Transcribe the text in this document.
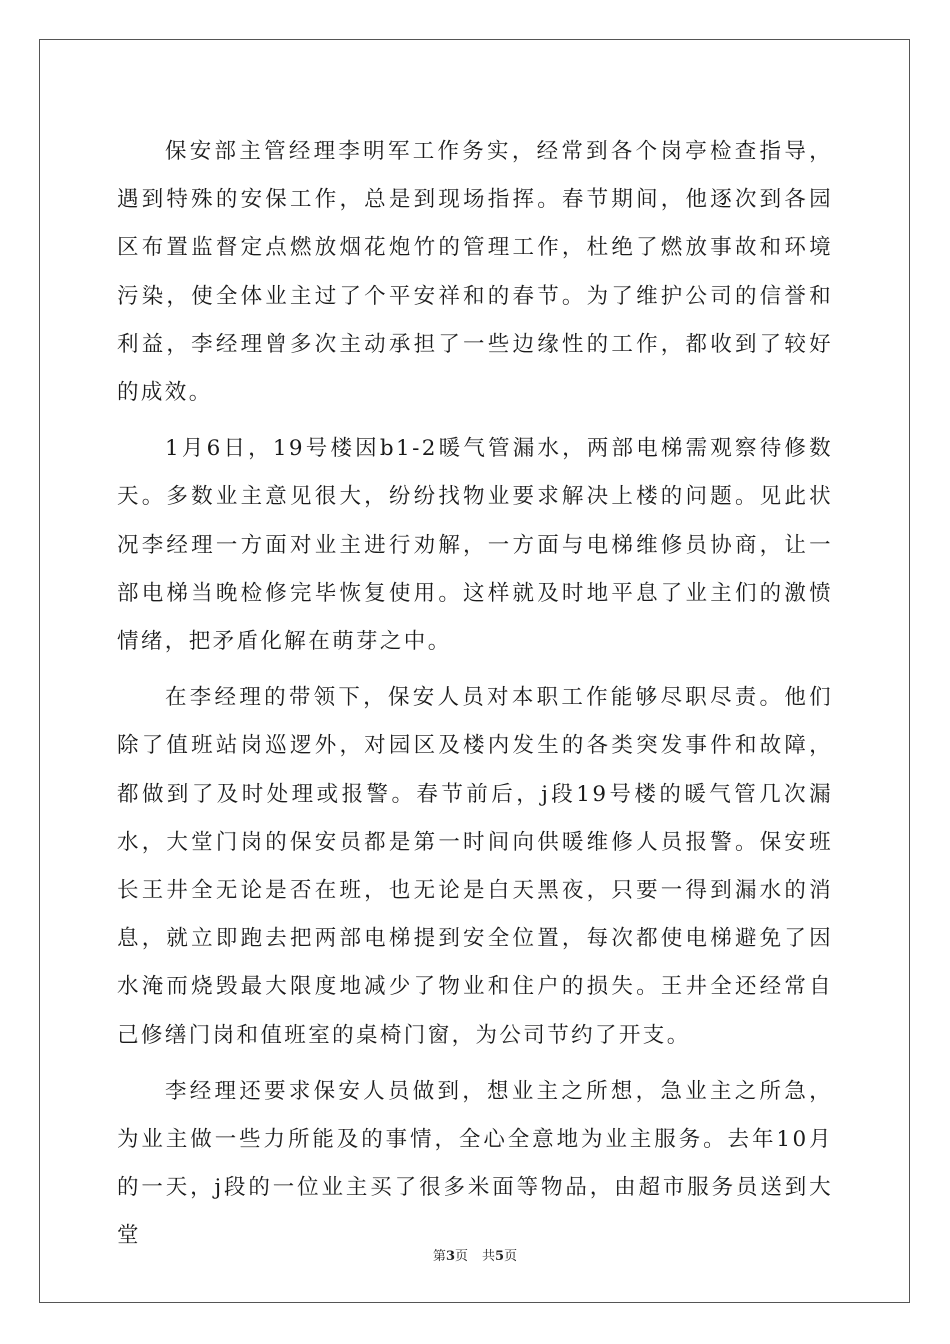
保安部主管经理李明军工作务实，经常到各个岗亭检查指导，遇到特殊的安保工作，总是到现场指挥。春节期间，他逐次到各园区布置监督定点燃放烟花炮竹的管理工作，杜绝了燃放事故和环境污染，使全体业主过了个平安祥和的春节。为了维护公司的信誉和利益，李经理曾多次主动承担了一些边缘性的工作，都收到了较好的成效。

1月6日，19号楼因b1-2暖气管漏水，两部电梯需观察待修数天。多数业主意见很大，纷纷找物业要求解决上楼的问题。见此状况李经理一方面对业主进行劝解，一方面与电梯维修员协商，让一部电梯当晚检修完毕恢复使用。这样就及时地平息了业主们的激愤情绪，把矛盾化解在萌芽之中。

在李经理的带领下，保安人员对本职工作能够尽职尽责。他们除了值班站岗巡逻外，对园区及楼内发生的各类突发事件和故障，都做到了及时处理或报警。春节前后，j段19号楼的暖气管几次漏水，大堂门岗的保安员都是第一时间向供暖维修人员报警。保安班长王井全无论是否在班，也无论是白天黑夜，只要一得到漏水的消息，就立即跑去把两部电梯提到安全位置，每次都使电梯避免了因水淹而烧毁最大限度地减少了物业和住户的损失。王井全还经常自己修缮门岗和值班室的桌椅门窗，为公司节约了开支。

李经理还要求保安人员做到，想业主之所想，急业主之所急，为业主做一些力所能及的事情，全心全意地为业主服务。去年10月的一天，j段的一位业主买了很多米面等物品，由超市服务员送到大堂

第3页 共5页
